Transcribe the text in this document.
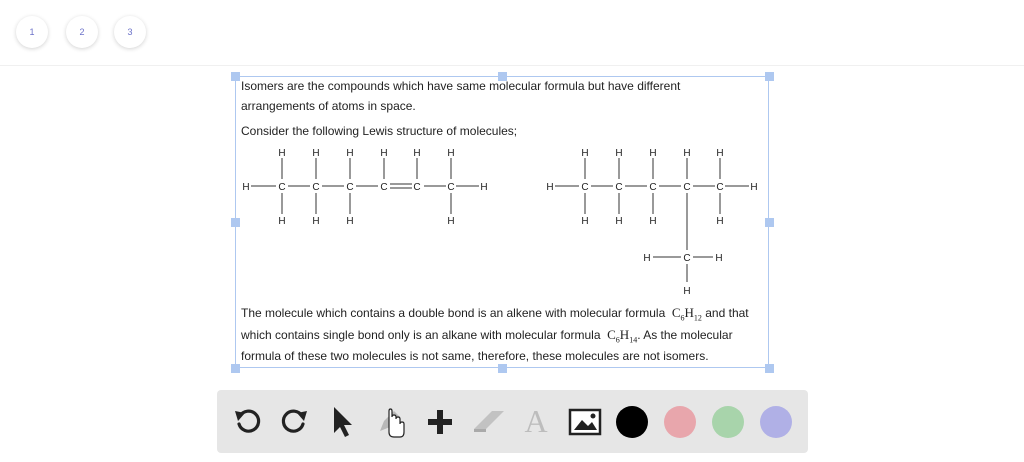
1	2	3
Isomers are the compounds which have same molecular formula but have different
arrangements of atoms in space.
Consider the following Lewis structure of molecules;
H	C	C	C	C	C	C	H
H	H	H	H	H	H
H	H	H	H
H	C	C	C	C	C	H
H	H	H	H	H
H	H	H	H
H	C H
H
The molecule which contains a double bond is an alkene with molecular formula $C_6H_{12}$ and that
which contains single bond only is an alkane with molecular formula $C_6H_{14}$. As the molecular
formula of these two molecules is not same, therefore, these molecules are not isomers.
A
